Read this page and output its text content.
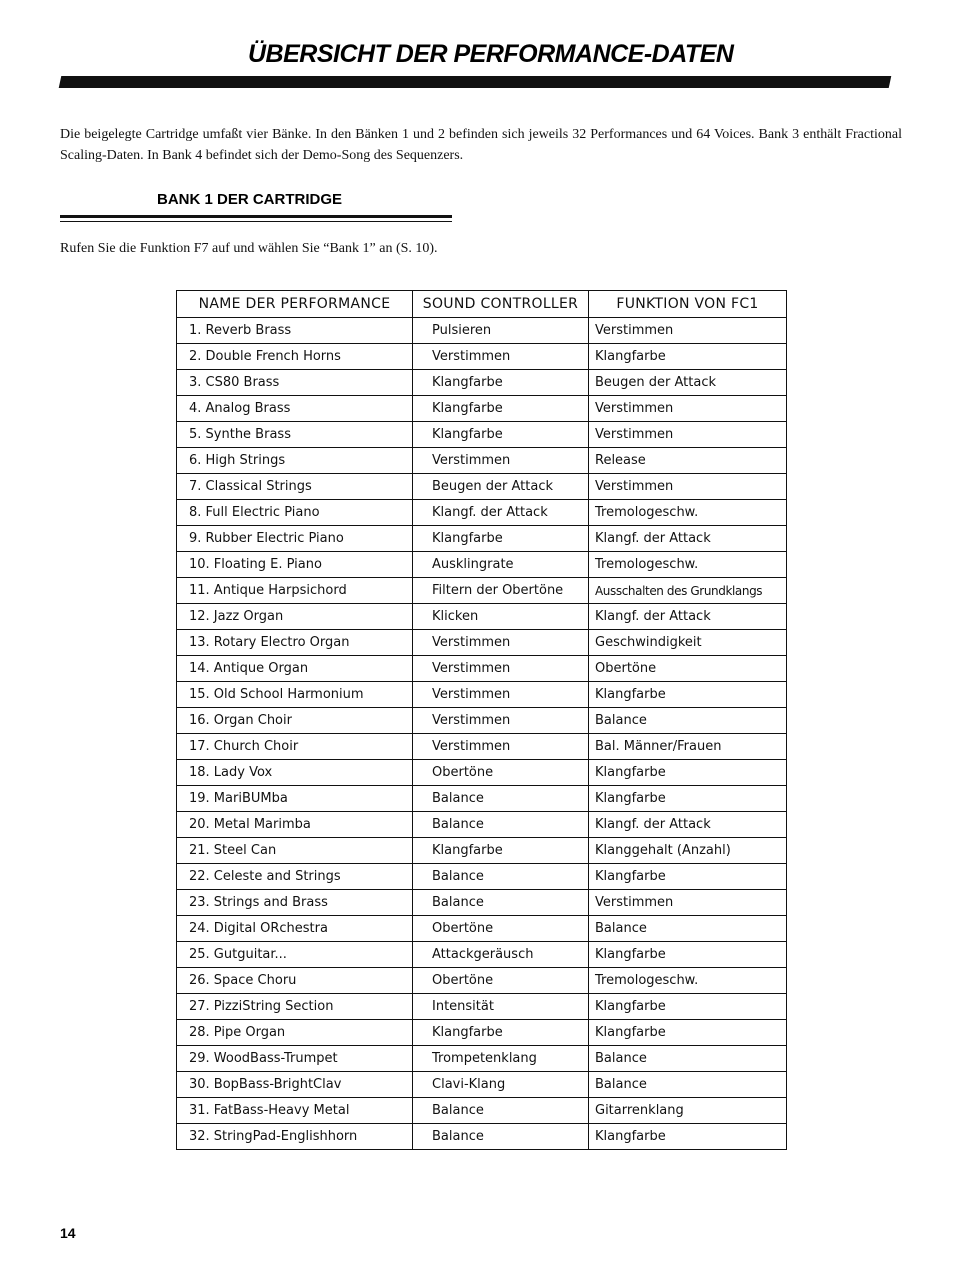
ÜBERSICHT DER PERFORMANCE-DATEN

Die beigelegte Cartridge umfaßt vier Bänke. In den Bänken 1 und 2 befinden sich jeweils 32 Performances und 64 Voices. Bank 3 enthält Fractional Scaling-Daten. In Bank 4 befindet sich der Demo-Song des Sequenzers.

BANK 1 DER CARTRIDGE

Rufen Sie die Funktion F7 auf und wählen Sie “Bank 1” an (S. 10).

NAME DER PERFORMANCE	SOUND CONTROLLER	FUNKTION VON FC1
1. Reverb Brass	Pulsieren	Verstimmen
2. Double French Horns	Verstimmen	Klangfarbe
3. CS80 Brass	Klangfarbe	Beugen der Attack
4. Analog Brass	Klangfarbe	Verstimmen
5. Synthe Brass	Klangfarbe	Verstimmen
6. High Strings	Verstimmen	Release
7. Classical Strings	Beugen der Attack	Verstimmen
8. Full Electric Piano	Klangf. der Attack	Tremologeschw.
9. Rubber Electric Piano	Klangfarbe	Klangf. der Attack
10. Floating E. Piano	Ausklingrate	Tremologeschw.
11. Antique Harpsichord	Filtern der Obertöne	Ausschalten des Grundklangs
12. Jazz Organ	Klicken	Klangf. der Attack
13. Rotary Electro Organ	Verstimmen	Geschwindigkeit
14. Antique Organ	Verstimmen	Obertöne
15. Old School Harmonium	Verstimmen	Klangfarbe
16. Organ Choir	Verstimmen	Balance
17. Church Choir	Verstimmen	Bal. Männer/Frauen
18. Lady Vox	Obertöne	Klangfarbe
19. MariBUMba	Balance	Klangfarbe
20. Metal Marimba	Balance	Klangf. der Attack
21. Steel Can	Klangfarbe	Klanggehalt (Anzahl)
22. Celeste and Strings	Balance	Klangfarbe
23. Strings and Brass	Balance	Verstimmen
24. Digital ORchestra	Obertöne	Balance
25. Gutguitar...	Attackgeräusch	Klangfarbe
26. Space Choru	Obertöne	Tremologeschw.
27. PizziString Section	Intensität	Klangfarbe
28. Pipe Organ	Klangfarbe	Klangfarbe
29. WoodBass-Trumpet	Trompetenklang	Balance
30. BopBass-BrightClav	Clavi-Klang	Balance
31. FatBass-Heavy Metal	Balance	Gitarrenklang
32. StringPad-Englishhorn	Balance	Klangfarbe
14
